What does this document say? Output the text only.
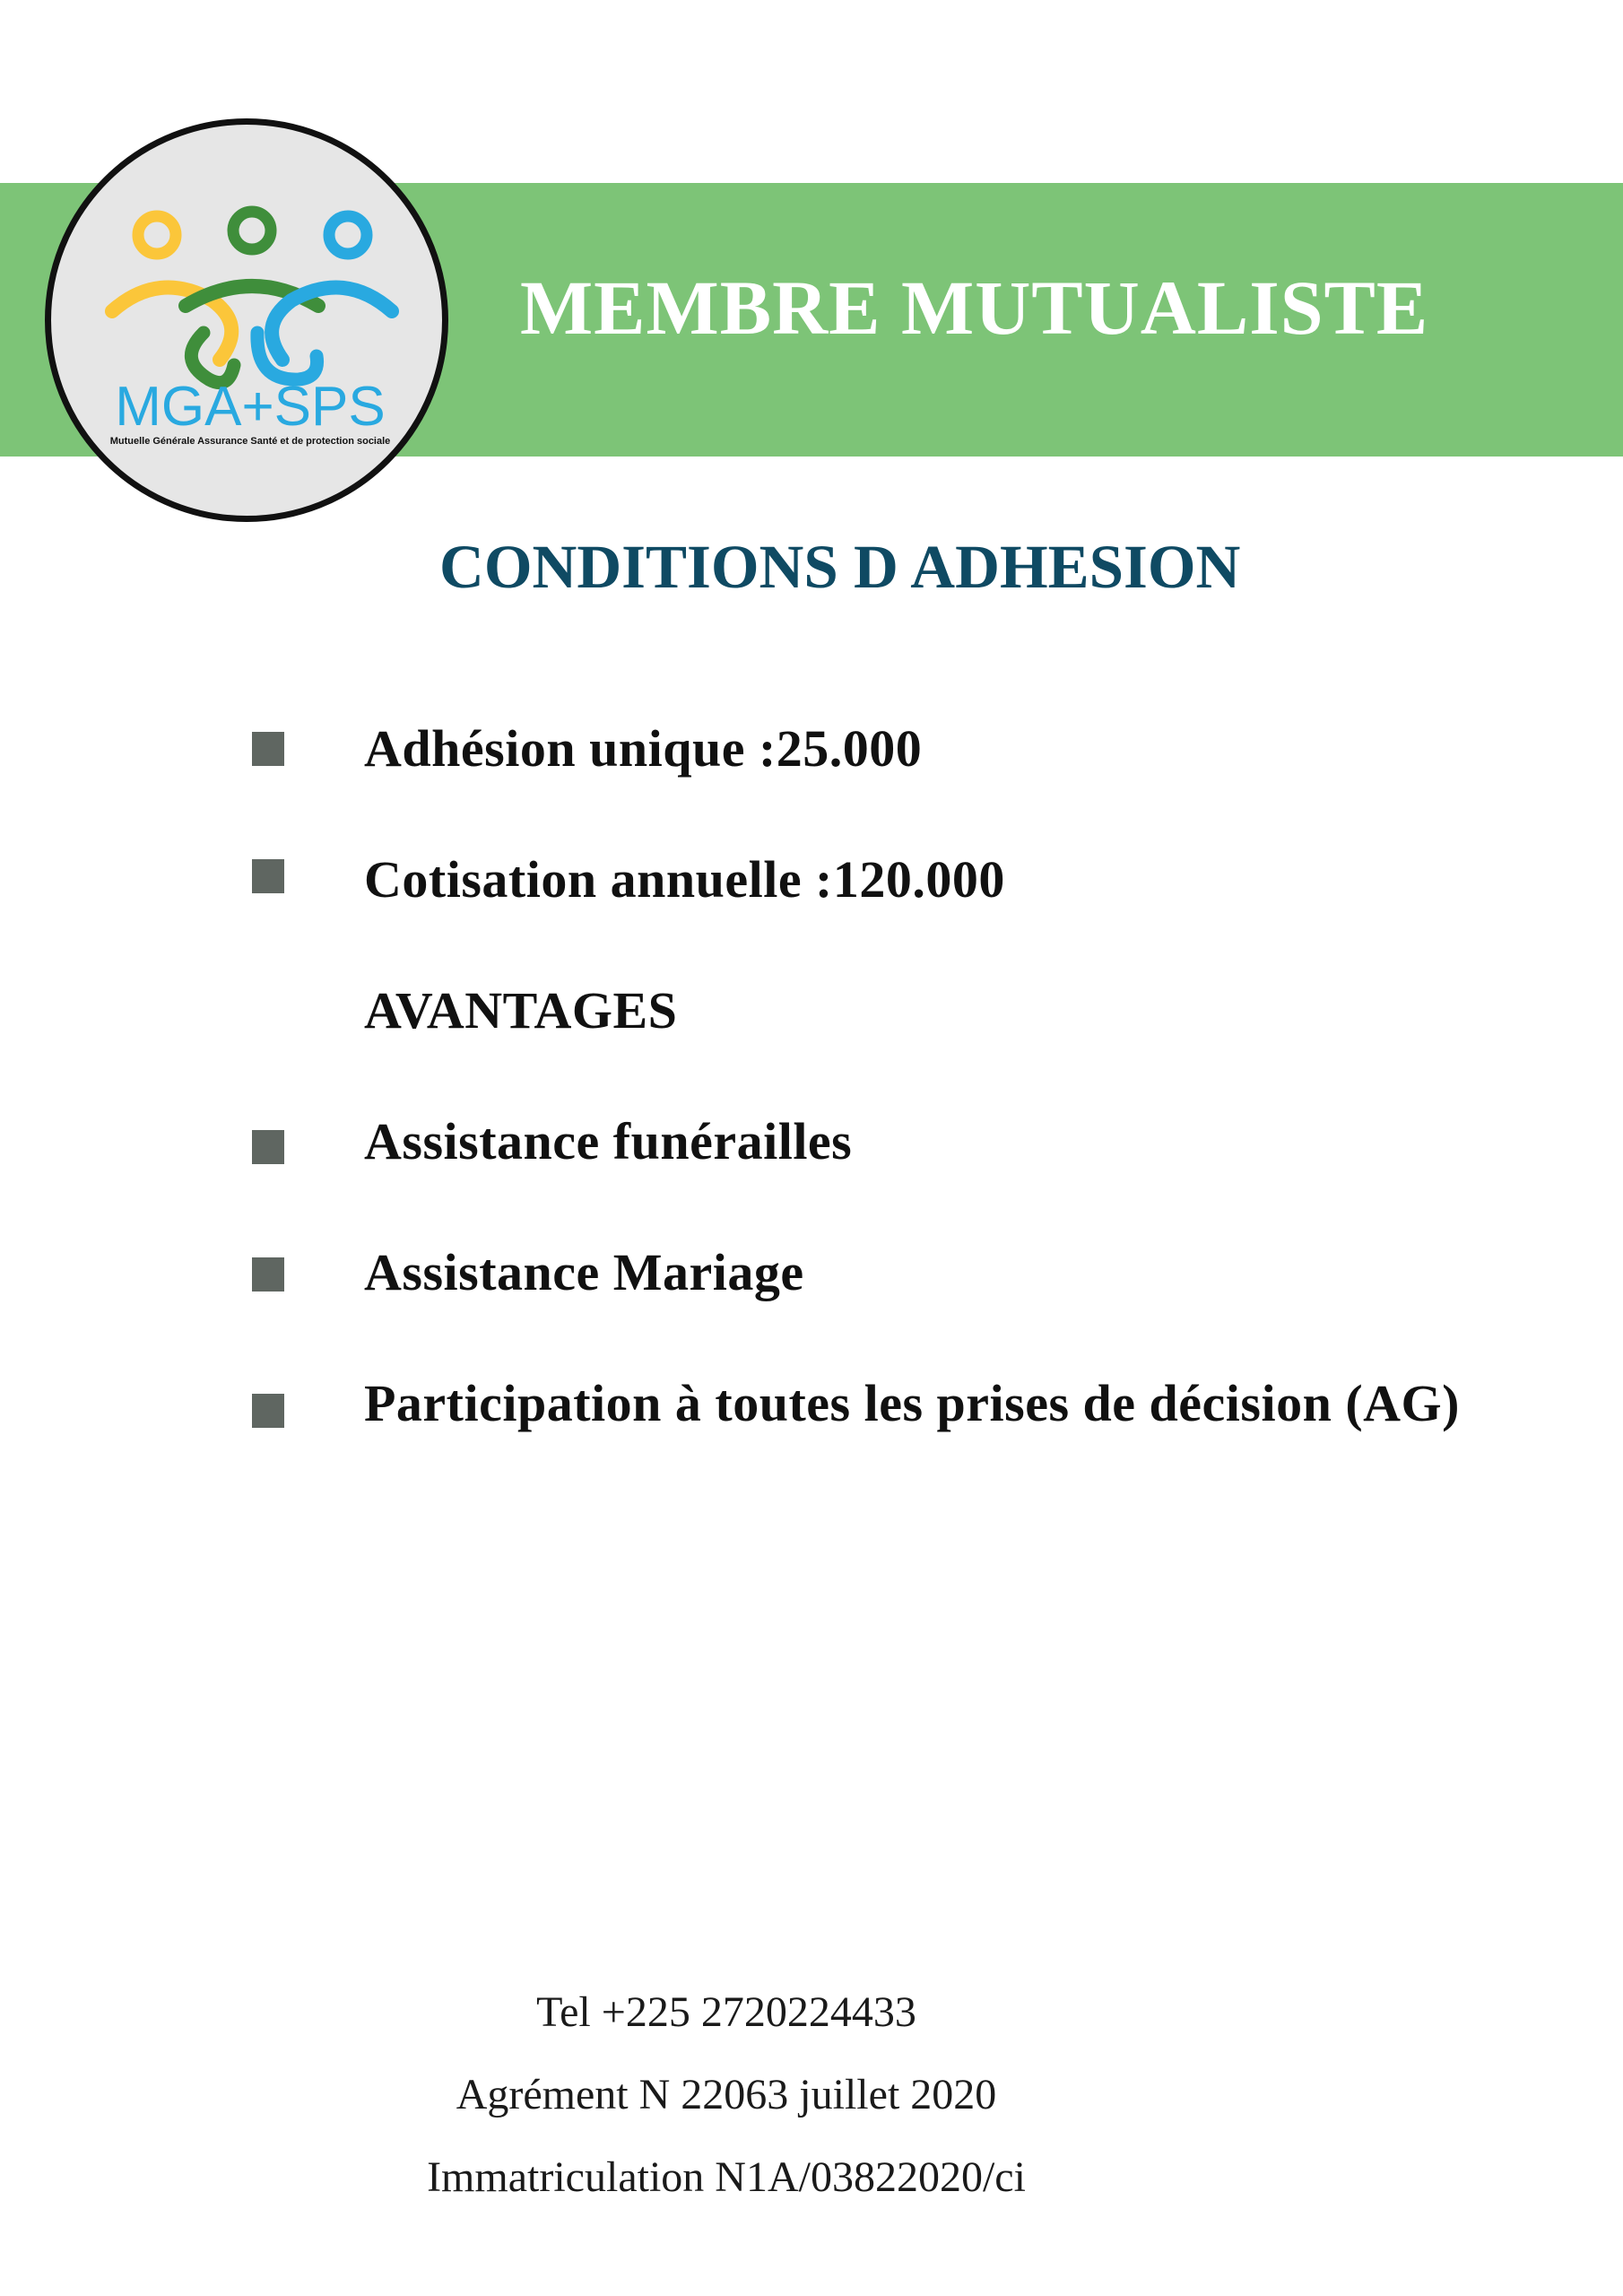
MEMBRE MUTUALISTE
MGA+SPS
Mutuelle Générale Assurance Santé et de protection sociale
CONDITIONS D ADHESION
Adhésion unique :25.000
Cotisation annuelle :120.000
AVANTAGES
Assistance funérailles
Assistance Mariage
Participation à toutes les prises de décision (AG)
Tel +225 2720224433
Agrément N 22063 juillet 2020
Immatriculation N1A/03822020/ci
